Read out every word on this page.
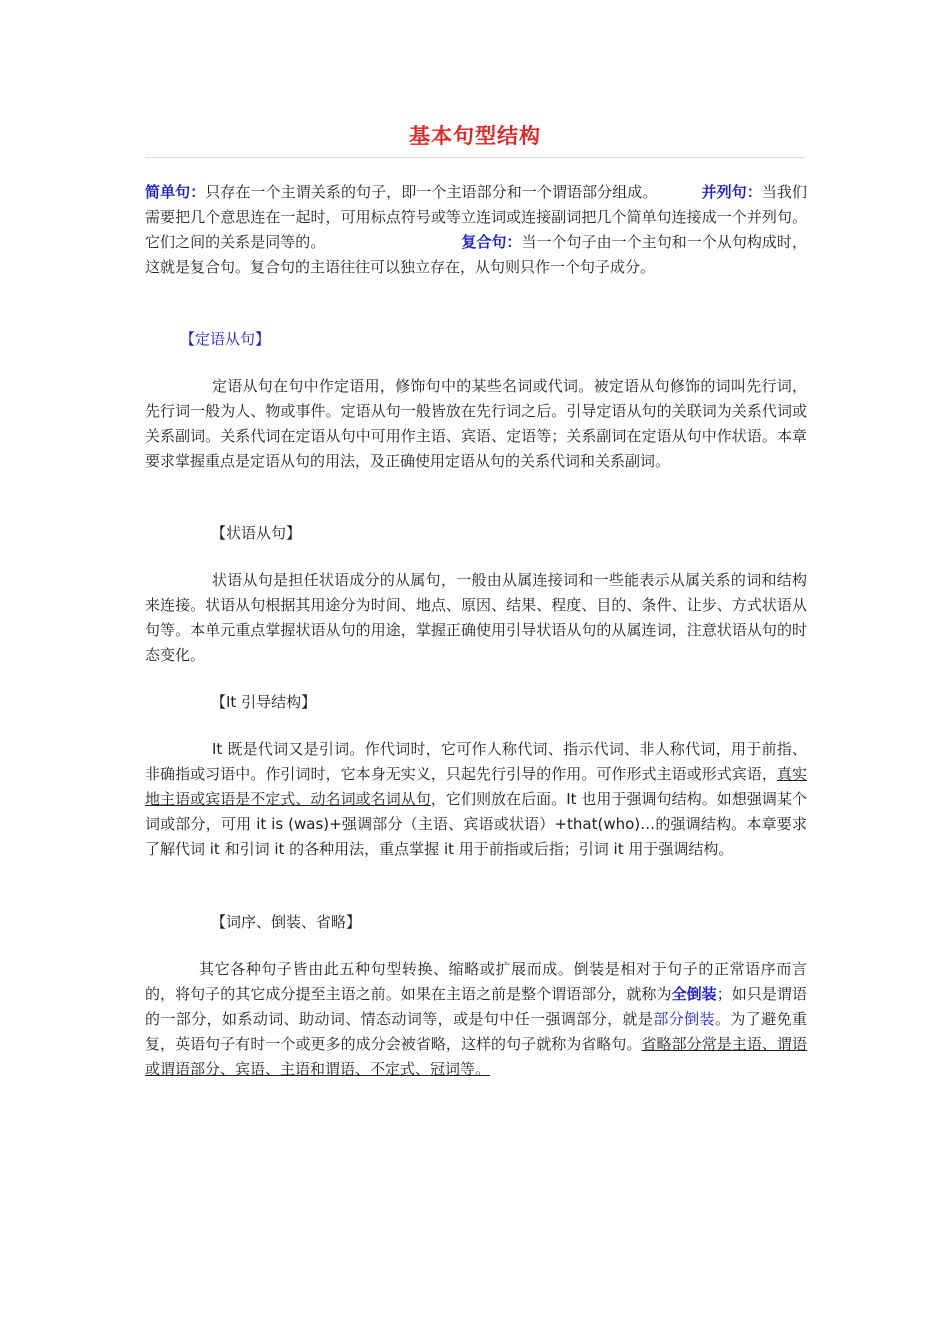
基本句型结构
简单句：只存在一个主谓关系的句子，即一个主语部分和一个谓语部分组成。	并列句：当我们需要把几个意思连在一起时，可用标点符号或等立连词或连接副词把几个简单句连接成一个并列句。它们之间的关系是同等的。	复合句：当一个句子由一个主句和一个从句构成时，这就是复合句。复合句的主语往往可以独立存在，从句则只作一个句子成分。
【定语从句】
定语从句在句中作定语用，修饰句中的某些名词或代词。被定语从句修饰的词叫先行词，先行词一般为人、物或事件。定语从句一般皆放在先行词之后。引导定语从句的关联词为关系代词或关系副词。关系代词在定语从句中可用作主语、宾语、定语等；关系副词在定语从句中作状语。本章要求掌握重点是定语从句的用法，及正确使用定语从句的关系代词和关系副词。
【状语从句】
状语从句是担任状语成分的从属句，一般由从属连接词和一些能表示从属关系的词和结构来连接。状语从句根据其用途分为时间、地点、原因、结果、程度、目的、条件、让步、方式状语从句等。本单元重点掌握状语从句的用途，掌握正确使用引导状语从句的从属连词，注意状语从句的时态变化。
【It 引导结构】
It 既是代词又是引词。作代词时，它可作人称代词、指示代词、非人称代词，用于前指、非确指或习语中。作引词时，它本身无实义，只起先行引导的作用。可作形式主语或形式宾语，真实地主语或宾语是不定式、动名词或名词从句，它们则放在后面。It 也用于强调句结构。如想强调某个词或部分，可用 it is (was)+强调部分（主语、宾语或状语）+that(who)…的强调结构。本章要求了解代词 it 和引词 it 的各种用法，重点掌握 it 用于前指或后指；引词 it 用于强调结构。
【词序、倒装、省略】
其它各种句子皆由此五种句型转换、缩略或扩展而成。倒装是相对于句子的正常语序而言的，将句子的其它成分提至主语之前。如果在主语之前是整个谓语部分，就称为全倒装；如只是谓语的一部分，如系动词、助动词、情态动词等，或是句中任一强调部分，就是部分倒装。为了避免重复，英语句子有时一个或更多的成分会被省略，这样的句子就称为省略句。省略部分常是主语、谓语或谓语部分、宾语、主语和谓语、不定式、冠词等。
